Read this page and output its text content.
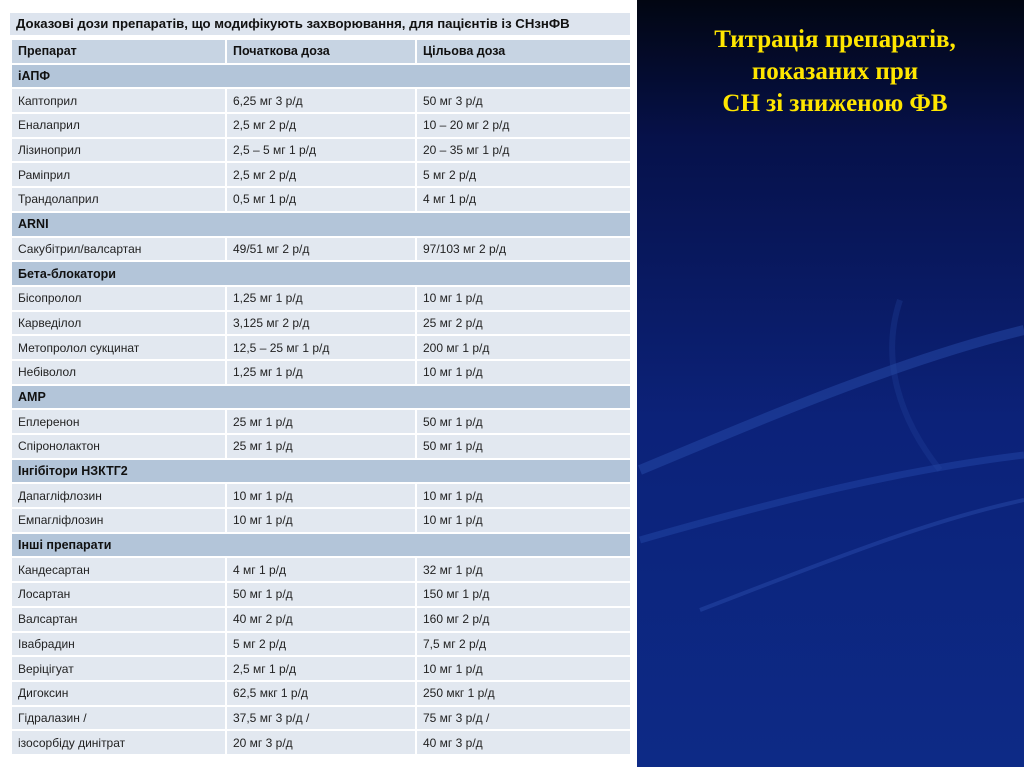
Доказові дози препаратів, що модифікують захворювання, для пацієнтів із СНзнФВ
Препарат	Початкова доза	Цільова доза
іАПФ		
Каптоприл	6,25 мг 3 р/д	50 мг 3 р/д
Еналаприл	2,5 мг 2 р/д	10 – 20 мг 2 р/д
Лізиноприл	2,5 – 5 мг 1 р/д	20 – 35 мг 1 р/д
Раміприл	2,5 мг 2 р/д	5 мг 2 р/д
Трандолаприл	0,5 мг 1 р/д	4 мг 1 р/д
ARNI		
Сакубітрил/валсартан	49/51 мг 2 р/д	97/103 мг 2 р/д
Бета-блокатори		
Бісопролол	1,25 мг 1 р/д	10 мг 1 р/д
Карведілол	3,125 мг 2 р/д	25 мг 2 р/д
Метопролол сукцинат	12,5 – 25 мг 1 р/д	200 мг 1 р/д
Небіволол	1,25 мг 1 р/д	10 мг 1 р/д
АМР		
Еплеренон	25 мг 1 р/д	50 мг 1 р/д
Спіронолактон	25 мг 1 р/д	50 мг 1 р/д
Інгібітори НЗКТГ2		
Дапагліфлозин	10 мг 1 р/д	10 мг 1 р/д
Емпагліфлозин	10 мг 1 р/д	10 мг 1 р/д
Інші препарати		
Кандесартан	4 мг 1 р/д	32 мг 1 р/д
Лосартан	50 мг 1 р/д	150 мг 1 р/д
Валсартан	40 мг 2 р/д	160 мг 2 р/д
Івабрадин	5 мг 2 р/д	7,5 мг 2 р/д
Верiцiгуат	2,5 мг 1 р/д	10 мг 1 р/д
Дигоксин	62,5 мкг 1 р/д	250 мкг 1 р/д
Гідралазин /	37,5 мг 3 р/д /	75 мг 3 р/д /
ізосорбіду динітрат	20 мг 3 р/д	40 мг 3 р/д
Титрація препаратів,
показаних при
СН зі зниженою ФВ
